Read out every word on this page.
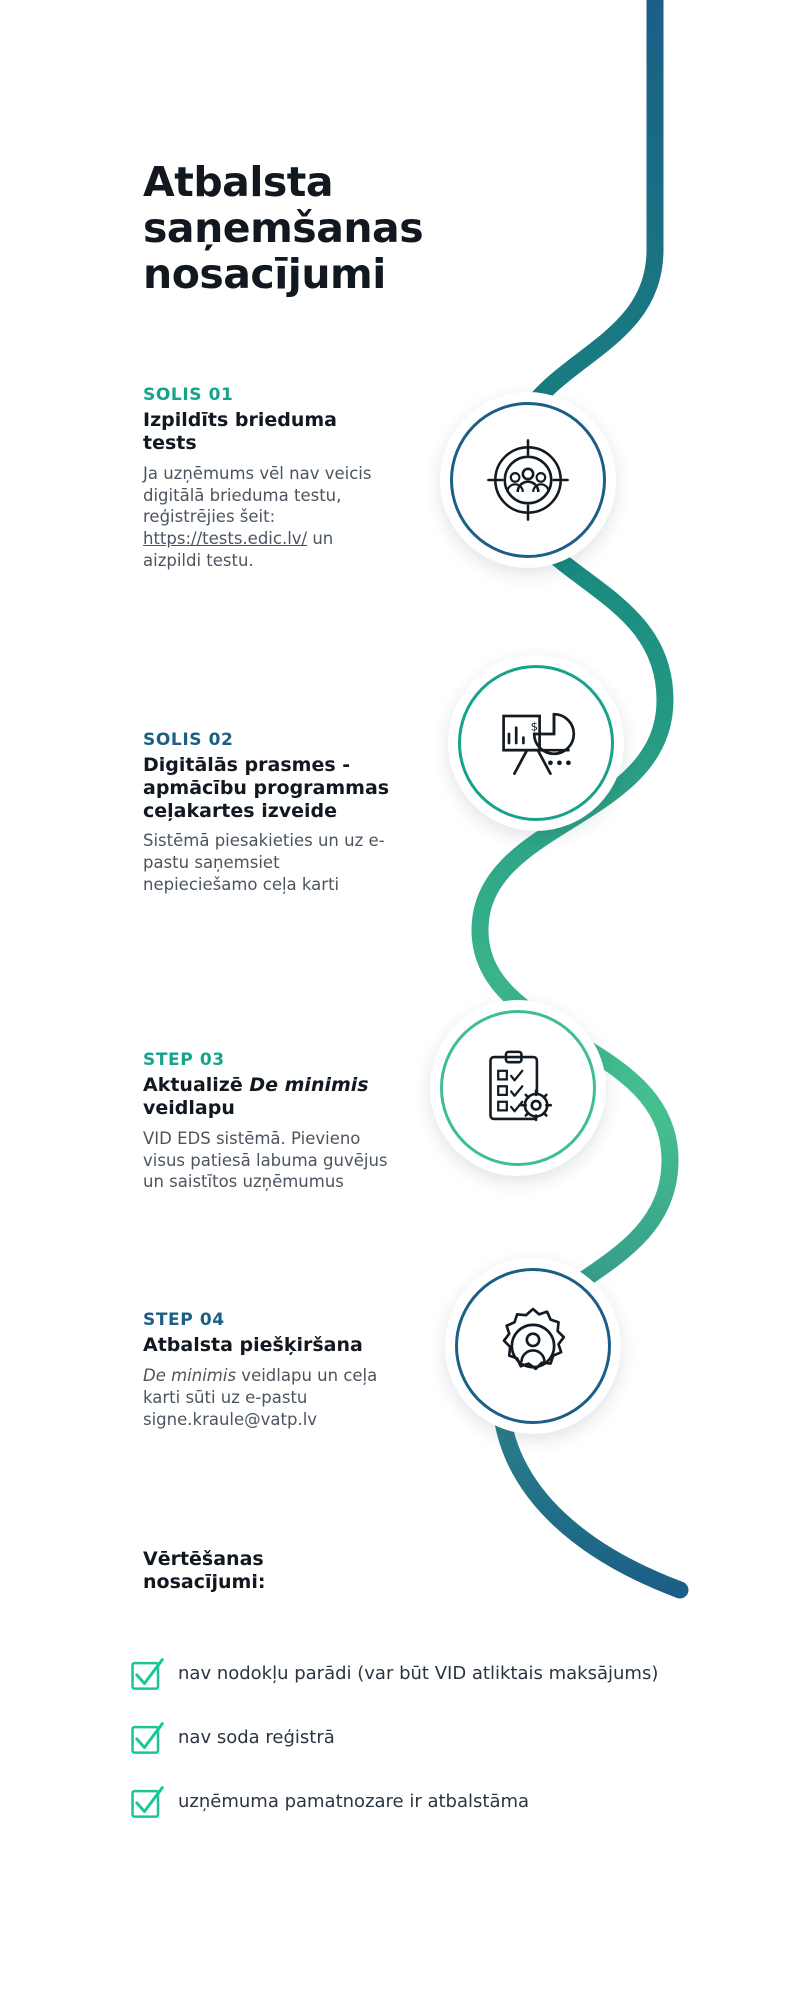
Atbalsta
saņemšanas
nosacījumi
SOLIS 01
Izpildīts brieduma tests
Ja uzņēmums vēl nav veicis digitālā brieduma testu, reģistrējies šeit: https://tests.edic.lv/ un aizpildi testu.
SOLIS 02
Digitālās prasmes - apmācību programmas ceļakartes izveide
Sistēmā piesakieties un uz e-pastu saņemsiet nepieciešamo ceļa karti
$
STEP 03
Aktualizē De minimis veidlapu
VID EDS sistēmā. Pievieno visus patiesā labuma guvējus un saistītos uzņēmumus
STEP 04
Atbalsta piešķiršana
De minimis veidlapu un ceļa karti sūti uz e-pastu signe.kraule@vatp.lv
Vērtēšanas
nosacījumi:
nav nodokļu parādi (var būt VID atliktais maksājums)
nav soda reģistrā
uzņēmuma pamatnozare ir atbalstāma
